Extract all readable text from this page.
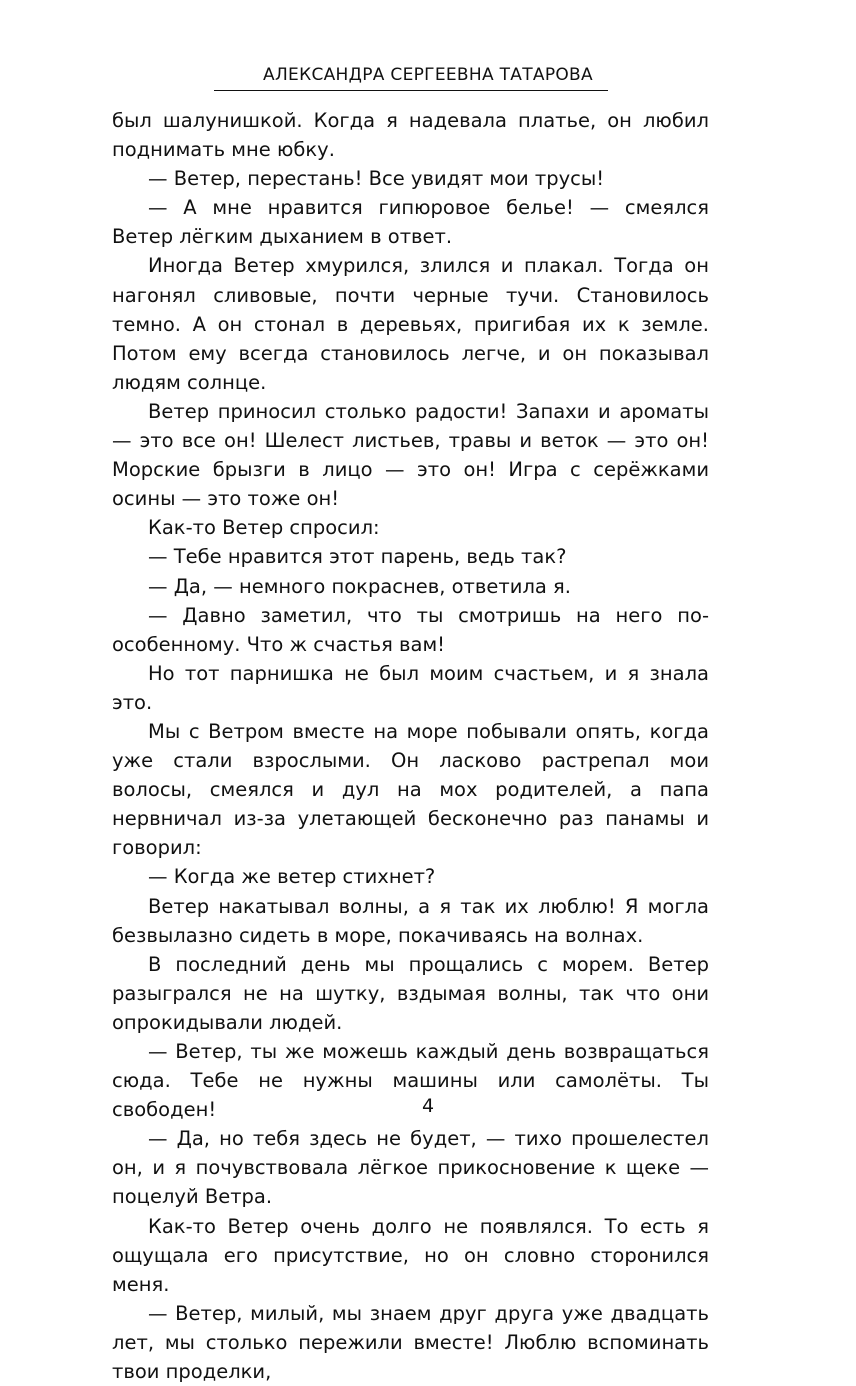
АЛЕКСАНДРА СЕРГЕЕВНА ТАТАРОВА

был шалунишкой. Когда я надевала платье, он любил поднимать мне юбку.

— Ветер, перестань! Все увидят мои трусы!

— А мне нравится гипюровое белье! — смеялся Ветер лёгким дыханием в ответ.

Иногда Ветер хмурился, злился и плакал. Тогда он нагонял сливовые, почти черные тучи. Становилось темно. А он стонал в деревьях, пригибая их к земле. Потом ему всегда становилось легче, и он показывал людям солнце.

Ветер приносил столько радости! Запахи и ароматы — это все он! Шелест листьев, травы и веток — это он! Морские брызги в лицо — это он! Игра с серёжками осины — это тоже он!

Как-то Ветер спросил:

— Тебе нравится этот парень, ведь так?

— Да, — немного покраснев, ответила я.

— Давно заметил, что ты смотришь на него по-особенному. Что ж счастья вам!

Но тот парнишка не был моим счастьем, и я знала это.

Мы с Ветром вместе на море побывали опять, когда уже стали взрослыми. Он ласково растрепал мои волосы, смеялся и дул на мох родителей, а папа нервничал из-за улетающей бесконечно раз панамы и говорил:

— Когда же ветер стихнет?

Ветер накатывал волны, а я так их люблю! Я могла безвылазно сидеть в море, покачиваясь на волнах.

В последний день мы прощались с морем. Ветер разыгрался не на шутку, вздымая волны, так что они опрокидывали людей.

— Ветер, ты же можешь каждый день возвращаться сюда. Тебе не нужны машины или самолёты. Ты свободен!

— Да, но тебя здесь не будет, — тихо прошелестел он, и я почувствовала лёгкое прикосновение к щеке — поцелуй Ветра.

Как-то Ветер очень долго не появлялся. То есть я ощущала его присутствие, но он словно сторонился меня.

— Ветер, милый, мы знаем друг друга уже двадцать лет, мы столько пережили вместе! Люблю вспоминать твои проделки,

4
